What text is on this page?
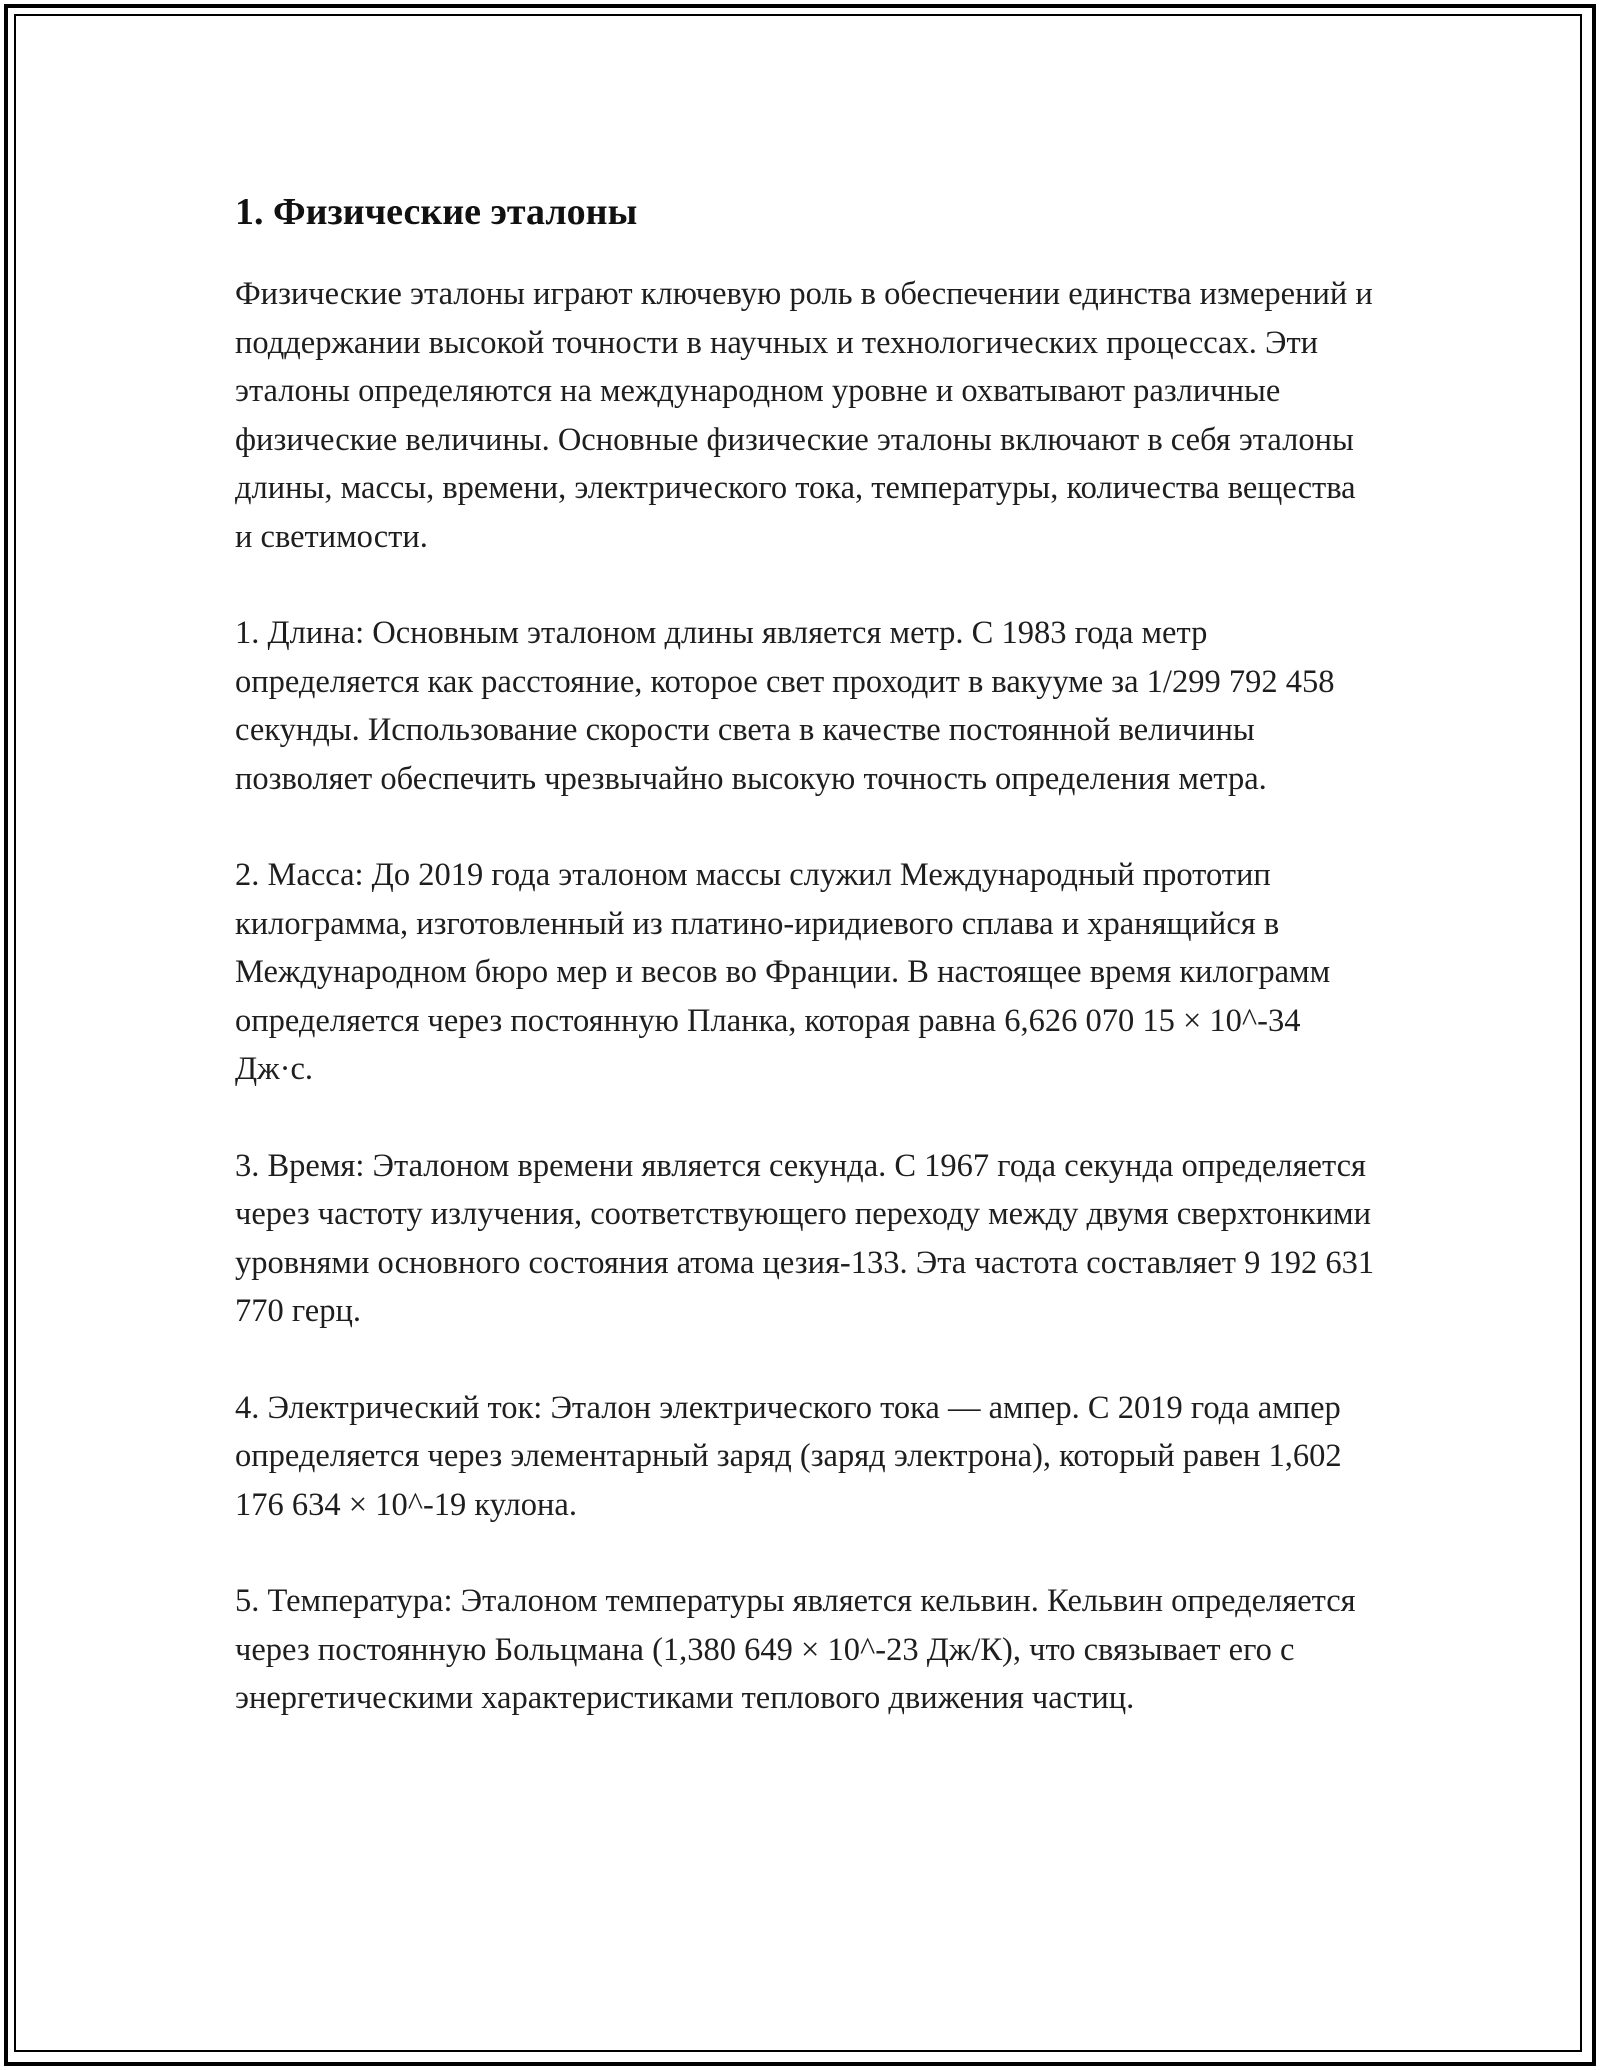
1. Физические эталоны

Физические эталоны играют ключевую роль в обеспечении единства измерений и поддержании высокой точности в научных и технологических процессах. Эти эталоны определяются на международном уровне и охватывают различные физические величины. Основные физические эталоны включают в себя эталоны длины, массы, времени, электрического тока, температуры, количества вещества и светимости.

1. Длина: Основным эталоном длины является метр. С 1983 года метр определяется как расстояние, которое свет проходит в вакууме за 1/299 792 458 секунды. Использование скорости света в качестве постоянной величины позволяет обеспечить чрезвычайно высокую точность определения метра.

2. Масса: До 2019 года эталоном массы служил Международный прототип килограмма, изготовленный из платино-иридиевого сплава и хранящийся в Международном бюро мер и весов во Франции. В настоящее время килограмм определяется через постоянную Планка, которая равна 6,626 070 15 × 10^-34 Дж·с.

3. Время: Эталоном времени является секунда. С 1967 года секунда определяется через частоту излучения, соответствующего переходу между двумя сверхтонкими уровнями основного состояния атома цезия-133. Эта частота составляет 9 192 631 770 герц.

4. Электрический ток: Эталон электрического тока — ампер. С 2019 года ампер определяется через элементарный заряд (заряд электрона), который равен 1,602 176 634 × 10^-19 кулона.

5. Температура: Эталоном температуры является кельвин. Кельвин определяется через постоянную Больцмана (1,380 649 × 10^-23 Дж/К), что связывает его с энергетическими характеристиками теплового движения частиц.
